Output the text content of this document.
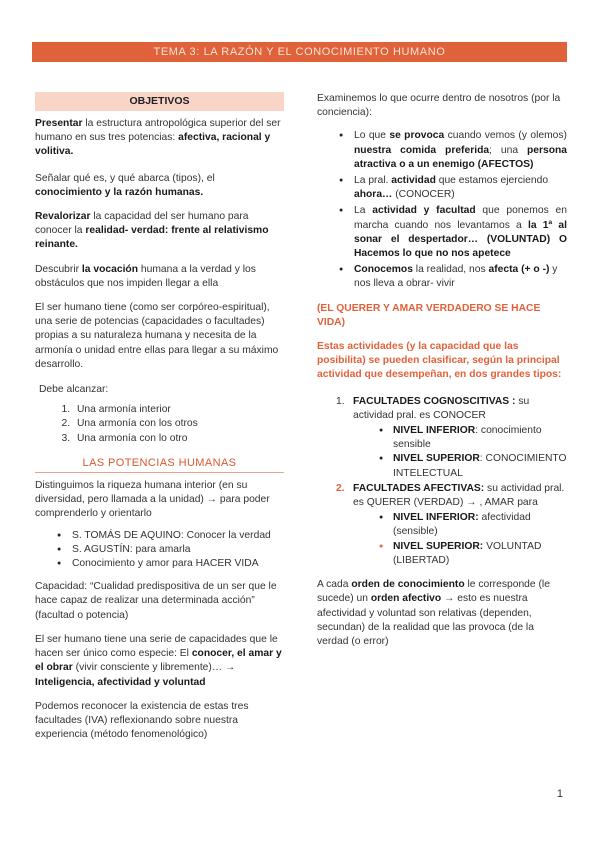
TEMA 3: LA RAZÓN Y EL CONOCIMIENTO HUMANO
OBJETIVOS

Presentar la estructura antropológica superior del ser humano en sus tres potencias: afectiva, racional y volitiva.

Señalar qué es, y qué abarca (tipos), el conocimiento y la razón humanas.

Revalorizar la capacidad del ser humano para conocer la realidad- verdad: frente al relativismo reinante.

Descubrir la vocación humana a la verdad y los obstáculos que nos impiden llegar a ella

El ser humano tiene (como ser corpóreo-espiritual), una serie de potencias (capacidades o facultades) propias a su naturaleza humana y necesita de la armonía o unidad entre ellas para llegar a su máximo desarrollo.

Debe alcanzar:

1. Una armonía interior
2. Una armonía con los otros
3. Una armonía con lo otro
LAS POTENCIAS HUMANAS

Distinguimos la riqueza humana interior (en su diversidad, pero llamada a la unidad) → para poder comprenderlo y orientarlo

● S. TOMÁS DE AQUINO: Conocer la verdad
● S. AGUSTÍN: para amarla
● Conocimiento y amor para HACER VIDA

Capacidad: “Cualidad predispositiva de un ser que le hace capaz de realizar una determinada acción” (facultad o potencia)

El ser humano tiene una serie de capacidades que le hacen ser único como especie: El conocer, el amar y el obrar (vivir consciente y libremente)… → Inteligencia, afectividad y voluntad

Podemos reconocer la existencia de estas tres facultades (IVA) reflexionando sobre nuestra experiencia (método fenomenológico)

Examinemos lo que ocurre dentro de nosotros (por la conciencia):

● Lo que se provoca cuando vemos (y olemos) nuestra comida preferida; una persona atractiva o a un enemigo (AFECTOS)
● La pral. actividad que estamos ejerciendo ahora… (CONOCER)
● La actividad y facultad que ponemos en marcha cuando nos levantamos a la 1ª al sonar el despertador… (VOLUNTAD) O Hacemos lo que no nos apetece
● Conocemos la realidad, nos afecta (+ o -) y nos lleva a obrar- vivir

(EL QUERER Y AMAR VERDADERO SE HACE VIDA)

Estas actividades (y la capacidad que las posibilita) se pueden clasificar, según la principal actividad que desempeñan, en dos grandes tipos:

1. FACULTADES COGNOSCITIVAS : su actividad pral. es CONOCER

● NIVEL INFERIOR: conocimiento sensible
● NIVEL SUPERIOR: CONOCIMIENTO INTELECTUAL

2. FACULTADES AFECTIVAS: su actividad pral. es QUERER (VERDAD) → , AMAR para

● NIVEL INFERIOR: afectividad (sensible)
● NIVEL SUPERIOR: VOLUNTAD (LIBERTAD)

A cada orden de conocimiento le corresponde (le sucede) un orden afectivo → esto es nuestra afectividad y voluntad son relativas (dependen, secundan) de la realidad que las provoca (de la verdad (o error)

1
